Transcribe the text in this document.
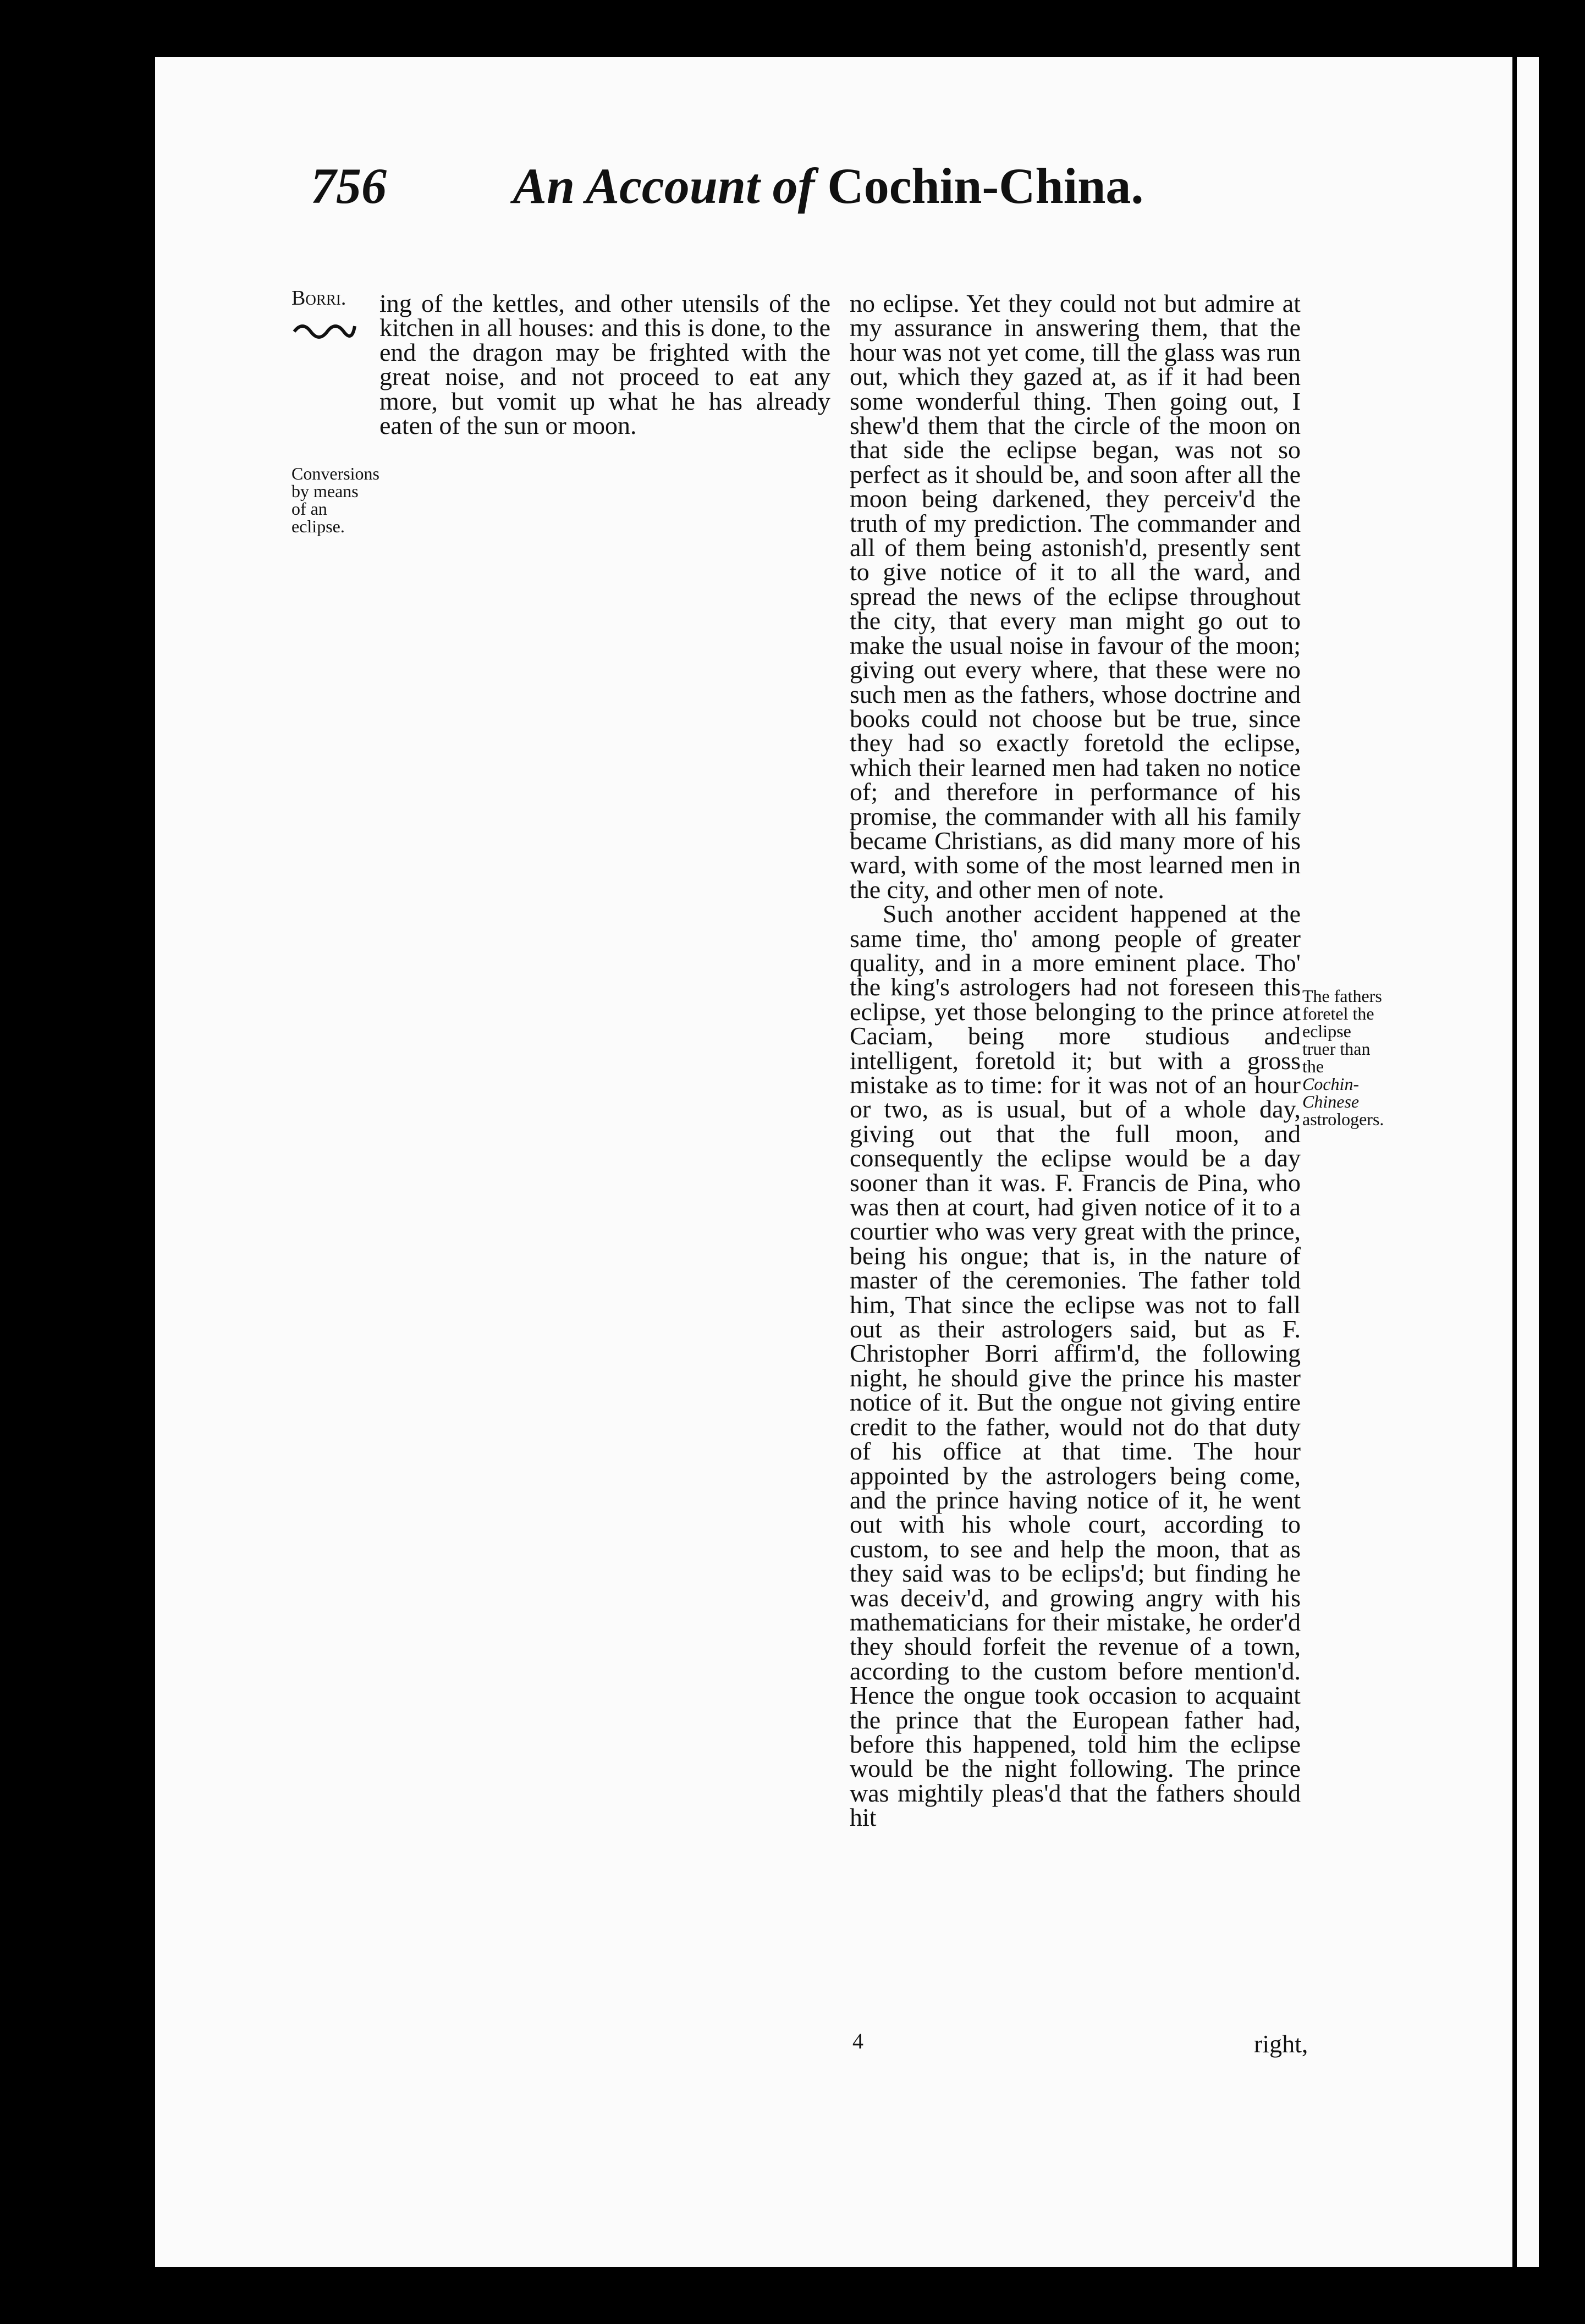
756 An Account of Cochin-China.
Borri.
Conversions by means of an eclipse.

ing of the kettles, and other utensils of the kitchen in all houses: and this is done, to the end the dragon may be frighted with the great noise, and not proceed to eat any more, but vomit up what he has already eaten of the sun or moon.

no eclipse. Yet they could not but admire at my assurance in answering them, that the hour was not yet come, till the glass was run out, which they gazed at, as if it had been some wonderful thing. Then going out, I shew'd them that the circle of the moon on that side the eclipse began, was not so perfect as it should be, and soon after all the moon being darkened, they perceiv'd the truth of my prediction. The commander and all of them being astonish'd, presently sent to give notice of it to all the ward, and spread the news of the eclipse throughout the city, that every man might go out to make the usual noise in favour of the moon; giving out every where, that these were no such men as the fathers, whose doctrine and books could not choose but be true, since they had so exactly foretold the eclipse, which their learned men had taken no notice of; and therefore in performance of his promise, the commander with all his family became Christians, as did many more of his ward, with some of the most learned men in the city, and other men of note.

Such another accident happened at the same time, tho' among people of greater quality, and in a more eminent place. Tho' the king's astrologers had not foreseen this eclipse, yet those belonging to the prince at Caciam, being more studious and intelligent, foretold it; but with a gross mistake as to time: for it was not of an hour or two, as is usual, but of a whole day, giving out that the full moon, and consequently the eclipse would be a day sooner than it was. F. Francis de Pina, who was then at court, had given notice of it to a courtier who was very great with the prince, being his ongue; that is, in the nature of master of the ceremonies. The father told him, That since the eclipse was not to fall out as their astrologers said, but as F. Christopher Borri affirm'd, the following night, he should give the prince his master notice of it. But the ongue not giving entire credit to the father, would not do that duty of his office at that time. The hour appointed by the astrologers being come, and the prince having notice of it, he went out with his whole court, according to custom, to see and help the moon, that as they said was to be eclips'd; but finding he was deceiv'd, and growing angry with his mathematicians for their mistake, he order'd they should forfeit the revenue of a town, according to the custom before mention'd. Hence the ongue took occasion to acquaint the prince that the European father had, before this happened, told him the eclipse would be the night following. The prince was mightily pleas'd that the fathers should hit

The fathers foretel the eclipse truer than the Cochin-Chinese astrologers.
4	right,
